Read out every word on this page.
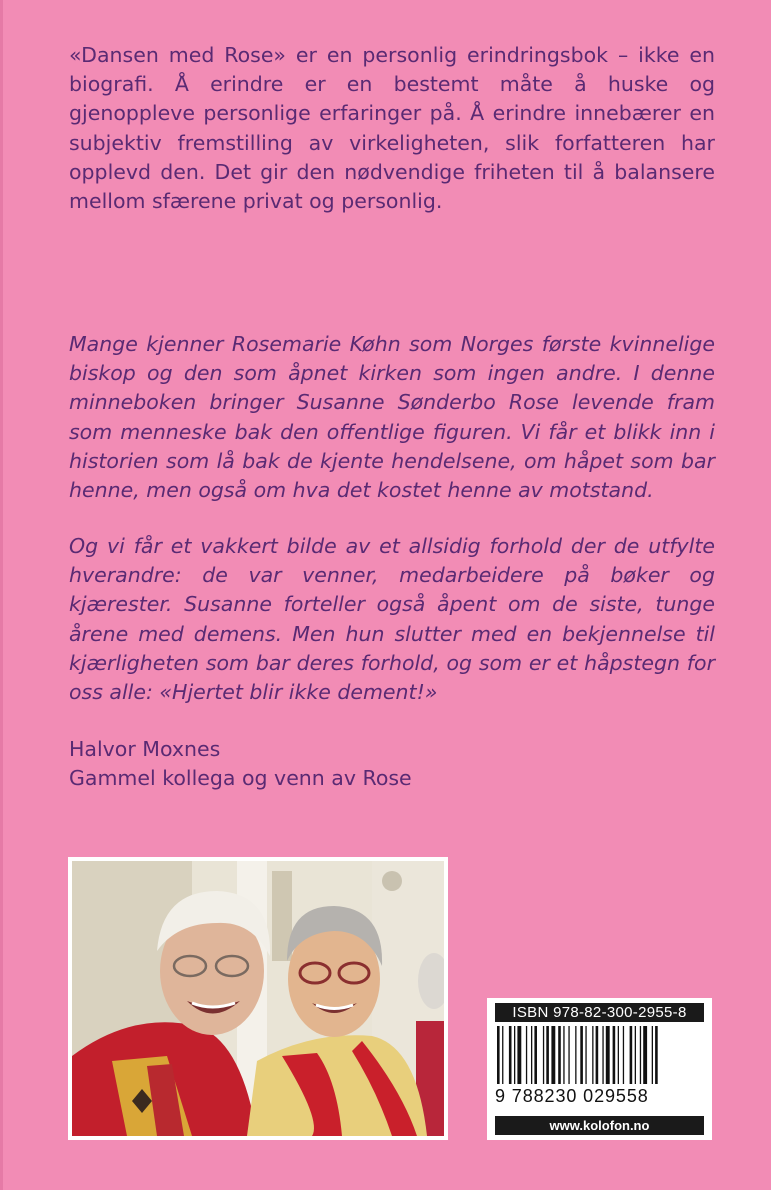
«Dansen med Rose» er en personlig erindringsbok – ikke en biografi. Å erindre er en bestemt måte å huske og gjenoppleve personlige erfaringer på. Å erindre innebærer en subjektiv fremstilling av virkeligheten, slik forfatteren har opplevd den. Det gir den nødvendige friheten til å balansere mellom sfærene privat og personlig.

Mange kjenner Rosemarie Køhn som Norges første kvinnelige biskop og den som åpnet kirken som ingen andre. I denne minneboken bringer Susanne Sønderbo Rose levende fram som menneske bak den offentlige figuren. Vi får et blikk inn i historien som lå bak de kjente hendelsene, om håpet som bar henne, men også om hva det kostet henne av motstand.

Og vi får et vakkert bilde av et allsidig forhold der de utfylte hverandre: de var venner, medarbeidere på bøker og kjærester. Susanne forteller også åpent om de siste, tunge årene med demens. Men hun slutter med en bekjennelse til kjærligheten som bar deres forhold, og som er et håpstegn for oss alle: «Hjertet blir ikke dement!»

Halvor Moxnes

Gammel kollega og venn av Rose

ISBN 978-82-300-2955-8
9 788230 029558
www.kolofon.no
